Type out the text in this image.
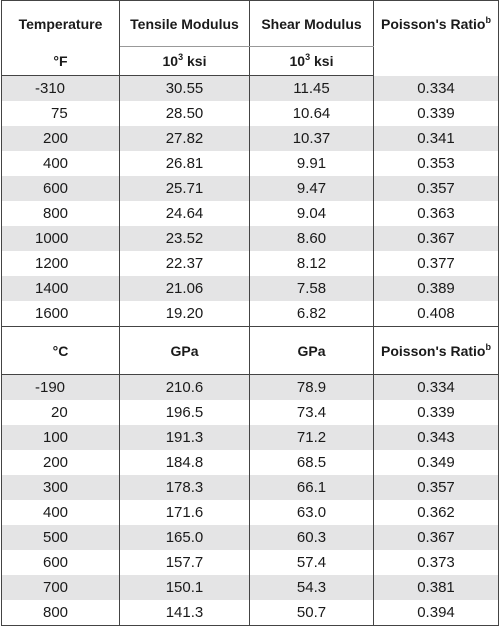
Temperature	Tensile Modulus	Shear Modulus	Poisson's Ratio$^b$

°F	$10^3$ ksi	$10^3$ ksi	
-310	30.55	11.45	0.334
75	28.50	10.64	0.339
200	27.82	10.37	0.341
400	26.81	9.91	0.353
600	25.71	9.47	0.357
800	24.64	9.04	0.363
1000	23.52	8.60	0.367
1200	22.37	8.12	0.377
1400	21.06	7.58	0.389
1600	19.20	6.82	0.408
°C	GPa	GPa	Poisson's Ratio$^b$

-190	210.6	78.9	0.334
20	196.5	73.4	0.339
100	191.3	71.2	0.343
200	184.8	68.5	0.349
300	178.3	66.1	0.357
400	171.6	63.0	0.362
500	165.0	60.3	0.367
600	157.7	57.4	0.373
700	150.1	54.3	0.381
800	141.3	50.7	0.394
